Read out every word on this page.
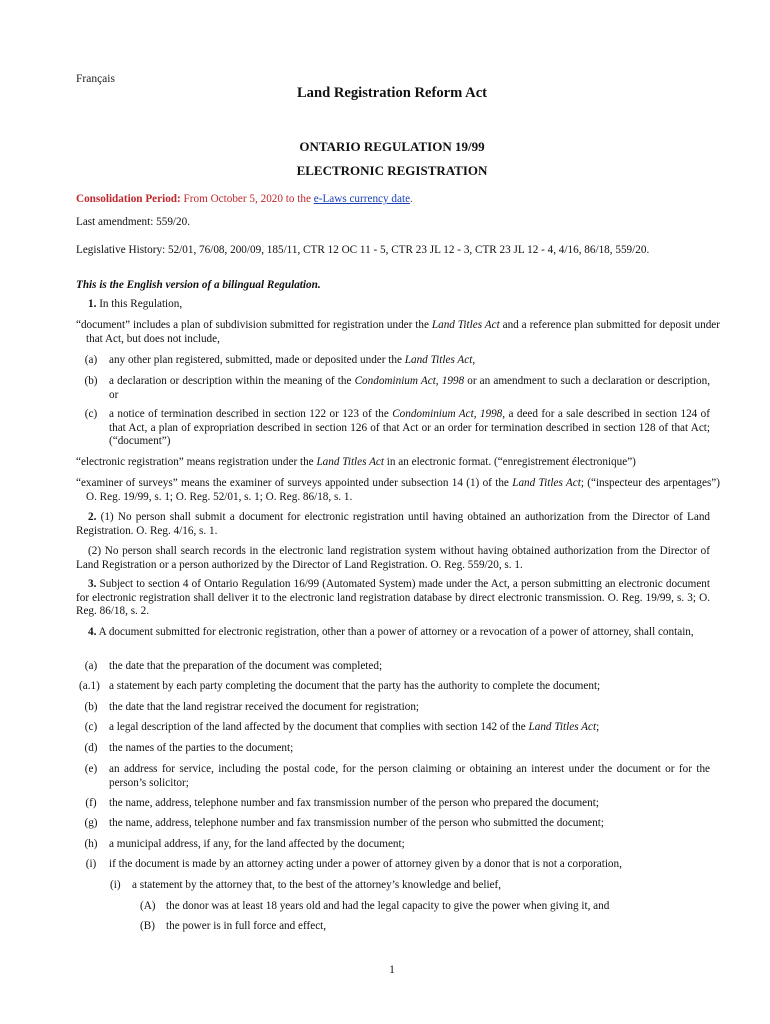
Français
Land Registration Reform Act
ONTARIO REGULATION 19/99
ELECTRONIC REGISTRATION
Consolidation Period: From October 5, 2020 to the e-Laws currency date.
Last amendment: 559/20.
Legislative History: 52/01, 76/08, 200/09, 185/11, CTR 12 OC 11 - 5, CTR 23 JL 12 - 3, CTR 23 JL 12 - 4, 4/16, 86/18, 559/20.
This is the English version of a bilingual Regulation.
1. In this Regulation,
“document” includes a plan of subdivision submitted for registration under the Land Titles Act and a reference plan submitted for deposit under that Act, but does not include,
(a)	any other plan registered, submitted, made or deposited under the Land Titles Act,
(b)	a declaration or description within the meaning of the Condominium Act, 1998 or an amendment to such a declaration or description, or
(c)	a notice of termination described in section 122 or 123 of the Condominium Act, 1998, a deed for a sale described in section 124 of that Act, a plan of expropriation described in section 126 of that Act or an order for termination described in section 128 of that Act; (“document”)
“electronic registration” means registration under the Land Titles Act in an electronic format. (“enregistrement électronique”)
“examiner of surveys” means the examiner of surveys appointed under subsection 14 (1) of the Land Titles Act; (“inspecteur des arpentages”) O. Reg. 19/99, s. 1; O. Reg. 52/01, s. 1; O. Reg. 86/18, s. 1.
2. (1) No person shall submit a document for electronic registration until having obtained an authorization from the Director of Land Registration. O. Reg. 4/16, s. 1.
(2) No person shall search records in the electronic land registration system without having obtained authorization from the Director of Land Registration or a person authorized by the Director of Land Registration. O. Reg. 559/20, s. 1.
3. Subject to section 4 of Ontario Regulation 16/99 (Automated System) made under the Act, a person submitting an electronic document for electronic registration shall deliver it to the electronic land registration database by direct electronic transmission. O. Reg. 19/99, s. 3; O. Reg. 86/18, s. 2.
4. A document submitted for electronic registration, other than a power of attorney or a revocation of a power of attorney, shall contain,
(a)	the date that the preparation of the document was completed;
(a.1) a statement by each party completing the document that the party has the authority to complete the document;
(b)	the date that the land registrar received the document for registration;
(c)	a legal description of the land affected by the document that complies with section 142 of the Land Titles Act;
(d)	the names of the parties to the document;
(e)	an address for service, including the postal code, for the person claiming or obtaining an interest under the document or for the person’s solicitor;
(f)	the name, address, telephone number and fax transmission number of the person who prepared the document;
(g)	the name, address, telephone number and fax transmission number of the person who submitted the document;
(h)	a municipal address, if any, for the land affected by the document;
(i)	if the document is made by an attorney acting under a power of attorney given by a donor that is not a corporation,
(i) a statement by the attorney that, to the best of the attorney’s knowledge and belief,
(A) the donor was at least 18 years old and had the legal capacity to give the power when giving it, and
(B) the power is in full force and effect,
1
